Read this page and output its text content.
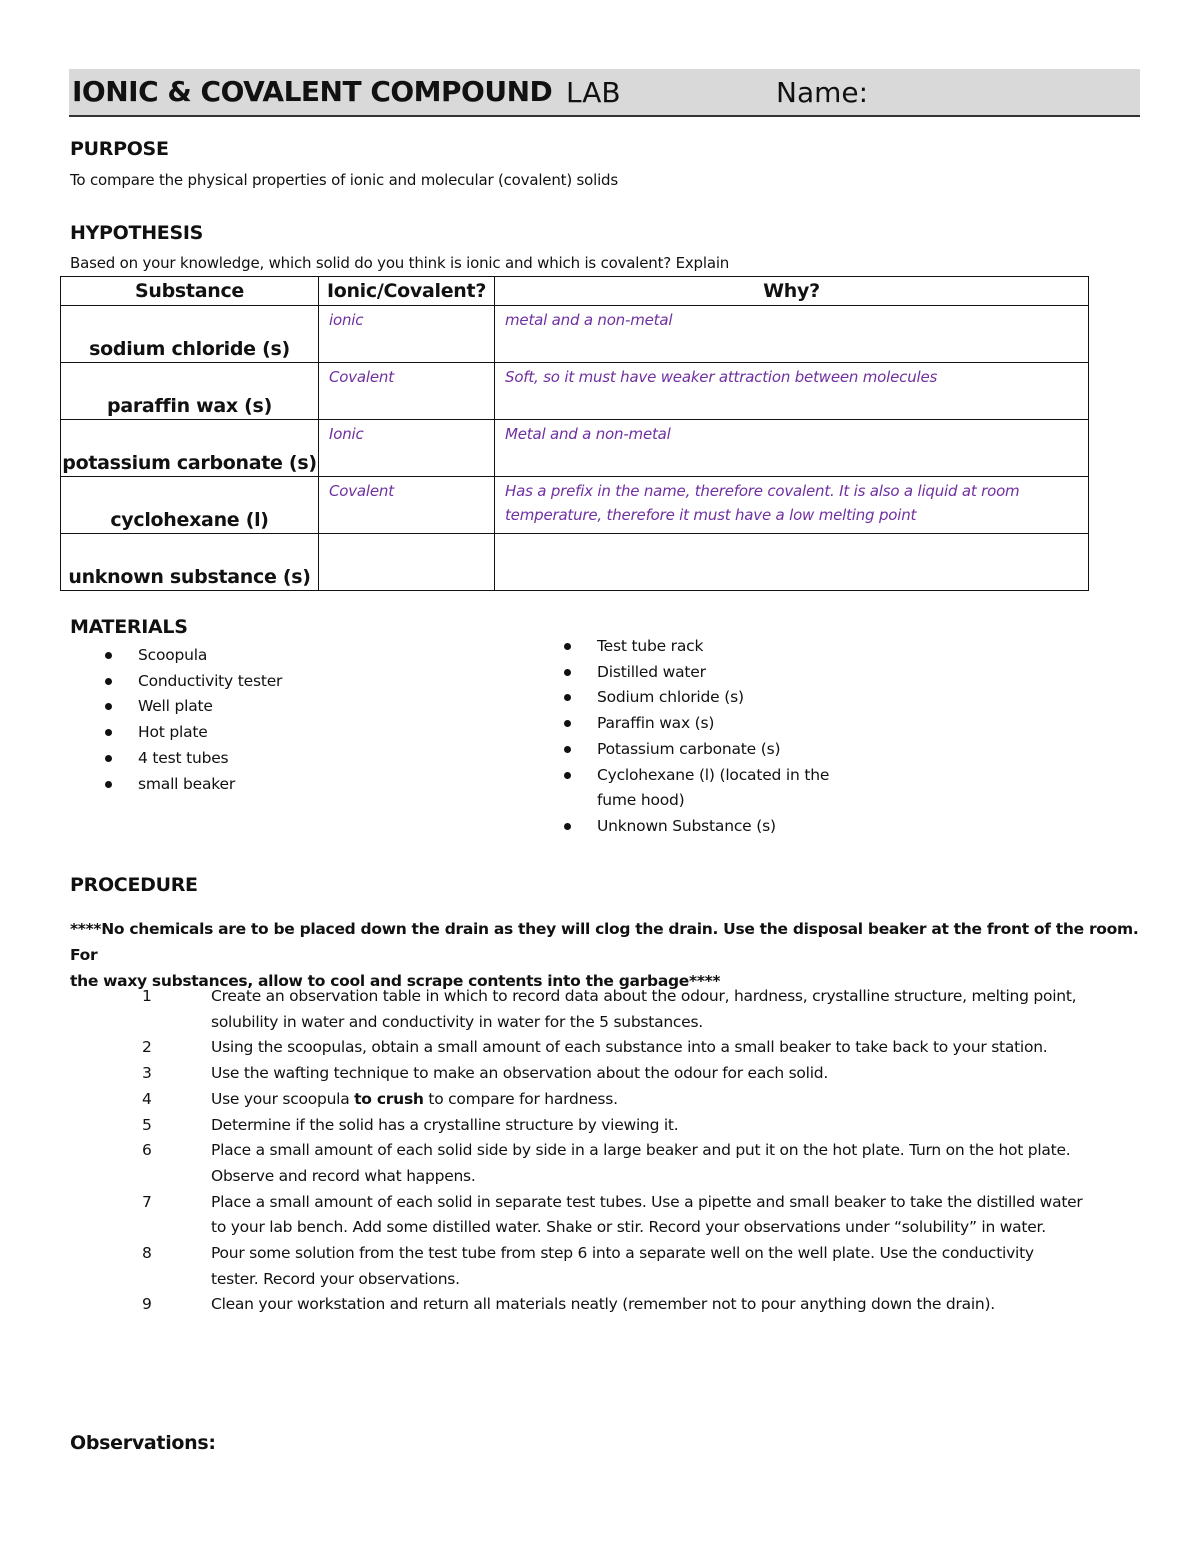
IONIC & COVALENT COMPOUND LAB	Name:
PURPOSE
To compare the physical properties of ionic and molecular (covalent) solids
HYPOTHESIS
Based on your knowledge, which solid do you think is ionic and which is covalent? Explain
Substance	Ionic/Covalent?	Why?

sodium chloride (s)	ionic	metal and a non-metal

paraffin wax (s)	Covalent	Soft, so it must have weaker attraction between molecules

potassium carbonate (s)	Ionic	Metal and a non-metal

cyclohexane (l)	Covalent	Has a prefix in the name, therefore covalent. It is also a liquid at room temperature, therefore it must have a low melting point

unknown substance (s)		

MATERIALS
Scoopula
Conductivity tester
Well plate
Hot plate
4 test tubes
small beaker
Test tube rack
Distilled water
Sodium chloride (s)
Paraffin wax (s)
Potassium carbonate (s)
Cyclohexane (l) (located in the
fume hood)
Unknown Substance (s)
PROCEDURE
****No chemicals are to be placed down the drain as they will clog the drain. Use the disposal beaker at the front of the room. For
the waxy substances, allow to cool and scrape contents into the garbage****
1	Create an observation table in which to record data about the odour, hardness, crystalline structure, melting point,
solubility in water and conductivity in water for the 5 substances.
2	Using the scoopulas, obtain a small amount of each substance into a small beaker to take back to your station.
3	Use the wafting technique to make an observation about the odour for each solid.
4	Use your scoopula to crush to compare for hardness.
5	Determine if the solid has a crystalline structure by viewing it.
6	Place a small amount of each solid side by side in a large beaker and put it on the hot plate. Turn on the hot plate.
Observe and record what happens.
7	Place a small amount of each solid in separate test tubes. Use a pipette and small beaker to take the distilled water
to your lab bench. Add some distilled water. Shake or stir. Record your observations under “solubility” in water.
8	Pour some solution from the test tube from step 6 into a separate well on the well plate. Use the conductivity
tester. Record your observations.
9	Clean your workstation and return all materials neatly (remember not to pour anything down the drain).
Observations:
